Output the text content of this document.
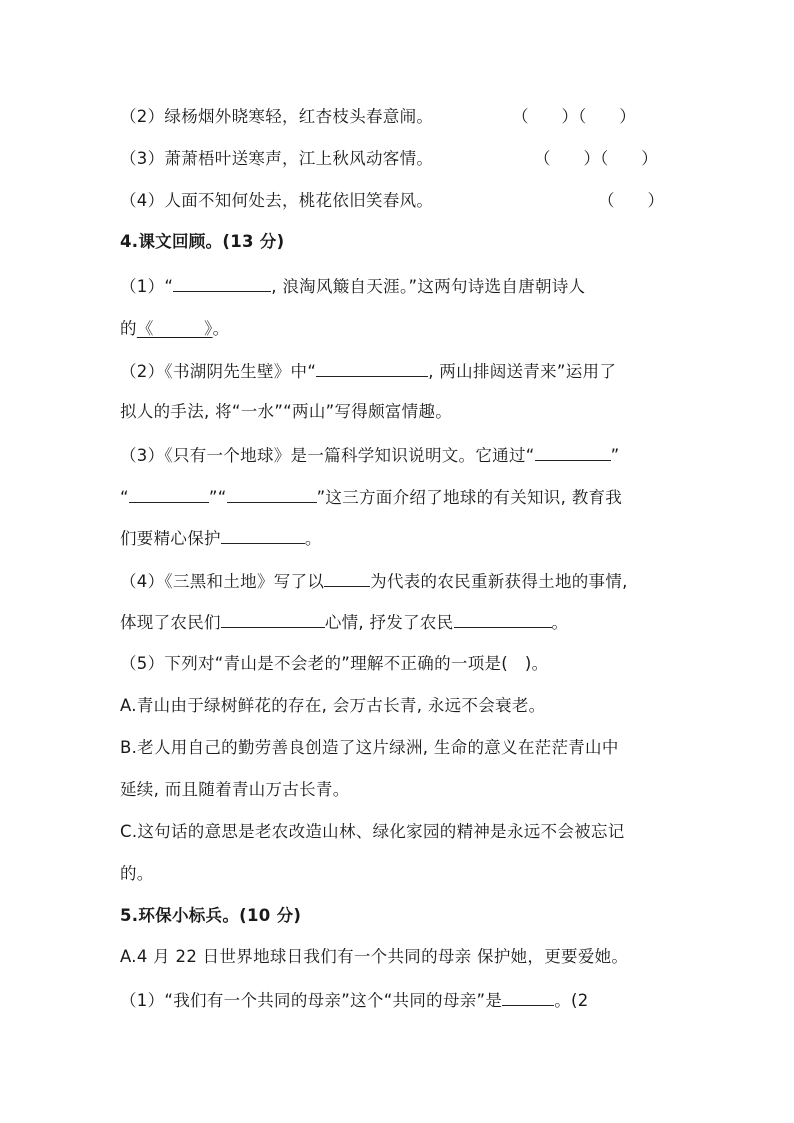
（2）绿杨烟外晓寒轻，红杏枝头春意闹。	（　　）（　　）
（3）萧萧梧叶送寒声，江上秋风动客情。	（　　）（　　）
（4）人面不知何处去，桃花依旧笑春风。	（　　）
4.课文回顾。(13 分)
（1）“	, 浪淘风簸自天涯。”这两句诗选自唐朝诗人
的《　　　》。
（2）《书湖阴先生壁》中“	, 两山排闼送青来”运用了
拟人的手法, 将“一水”“两山”写得颇富情趣。
（3）《只有一个地球》是一篇科学知识说明文。它通过“	”
“	”“	”这三方面介绍了地球的有关知识, 教育我
们要精心保护	。
（4）《三黑和土地》写了以	为代表的农民重新获得土地的事情,
体现了农民们	心情, 抒发了农民	。
（5）下列对“青山是不会老的”理解不正确的一项是(　)。
A.青山由于绿树鲜花的存在, 会万古长青, 永远不会衰老。
B.老人用自己的勤劳善良创造了这片绿洲, 生命的意义在茫茫青山中
延续, 而且随着青山万古长青。
C.这句话的意思是老农改造山林、绿化家园的精神是永远不会被忘记
的。
5.环保小标兵。(10 分)
A.4 月 22 日世界地球日我们有一个共同的母亲 保护她，更要爱她。
（1）“我们有一个共同的母亲”这个“共同的母亲”是	。(2
